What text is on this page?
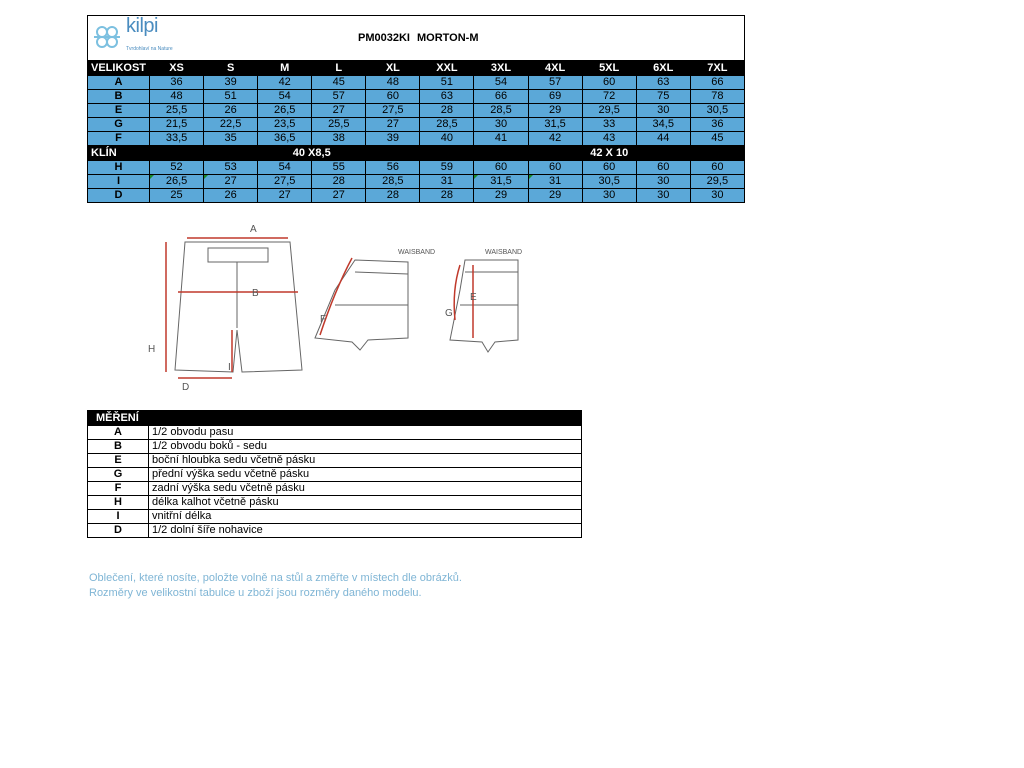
kilpi
Tvrdohlaví na Nature
PM0032KI MORTON-M											

VELIKOST	XS	S	M	L	XL	XXL	3XL	4XL	5XL	6XL	7XL
A	36	39	42	45	48	51	54	57	60	63	66
B	48	51	54	57	60	63	66	69	72	75	78
E	25,5	26	26,5	27	27,5	28	28,5	29	29,5	30	30,5
G	21,5	22,5	23,5	25,5	27	28,5	30	31,5	33	34,5	36
F	33,5	35	36,5	38	39	40	41	42	43	44	45
KLÍN	40 X8,5						42 X 10				
H	52	53	54	55	56	59	60	60	60	60	60
I	26,5	27	27,5	28	28,5	31	31,5	31	30,5	30	29,5
D	25	26	27	27	28	28	29	29	30	30	30
A
B
H
I
D
F
E
G
WAISBAND	WAISBAND
MĚŘENÍ	
A	1/2 obvodu pasu
B	1/2 obvodu boků - sedu
E	boční hloubka sedu včetně pásku
G	přední výška sedu včetně pásku
F	zadní výška sedu včetně pásku
H	délka kalhot včetně pásku
I	vnitřní délka
D	1/2 dolní šíře nohavice
Oblečení, které nosíte, položte volně na stůl a změřte v místech dle obrázků.
Rozměry ve velikostní tabulce u zboží jsou rozměry daného modelu.
